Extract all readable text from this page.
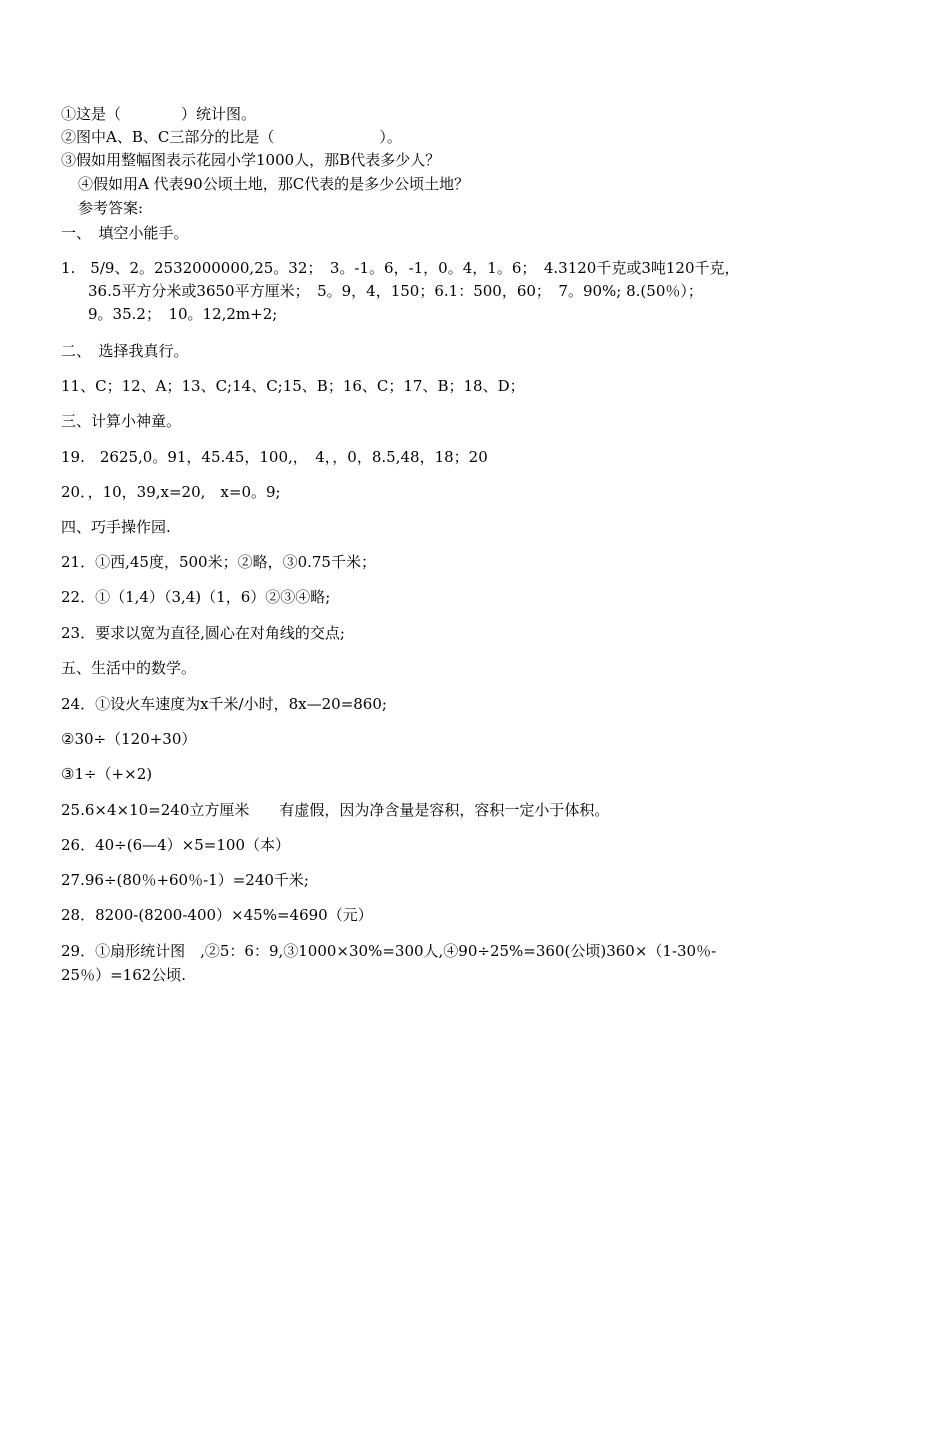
①这是（　　　　）统计图。
②图中A、B、C三部分的比是（　　　　　　　）。
③假如用整幅图表示花园小学1000人，那B代表多少人？
④假如用A 代表90公顷土地，那C代表的是多少公顷土地？
参考答案:
一、　填空小能手。
1.　5/9、2。2532000000,25。32；　3。-1。6，-1，0。4，1。6；　4.3120千克或3吨120千克，
36.5平方分米或3650平方厘米；　5。9，4，150；6.1：500，60；　7。90%; 8.(50％）；
9。35.2；　10。12,2m+2;
二、　选择我真行。
11、C；12、A；13、C;14、C;15、B；16、C；17、B；18、D；
三、计算小神童。
19.　2625,0。91，45.45，100,，　4，，0，8.5,48，18；20
20．，10，39,x=20,　x=0。9;
四、巧手操作园.
21．①西,45度，500米；②略，③0.75千米；
22．①（1,4）（3,4)（1，6）②③④略;
23．要求以宽为直径,圆心在对角线的交点;
五、生活中的数学。
24．①设火车速度为x千米/小时，8x—20=860;
②30÷（120+30）
③1÷（+×2)
25.6×4×10=240立方厘米　　有虚假，因为净含量是容积，容积一定小于体积。
26．40÷(6—4）×5=100（本）
27.96÷(80％+60％-1）=240千米;
28．8200-(8200-400）×45%=4690（元）
29．①扇形统计图　,②5：6：9,③1000×30%=300人,④90÷25%=360(公顷)360×（1-30％-
25％）=162公顷.
